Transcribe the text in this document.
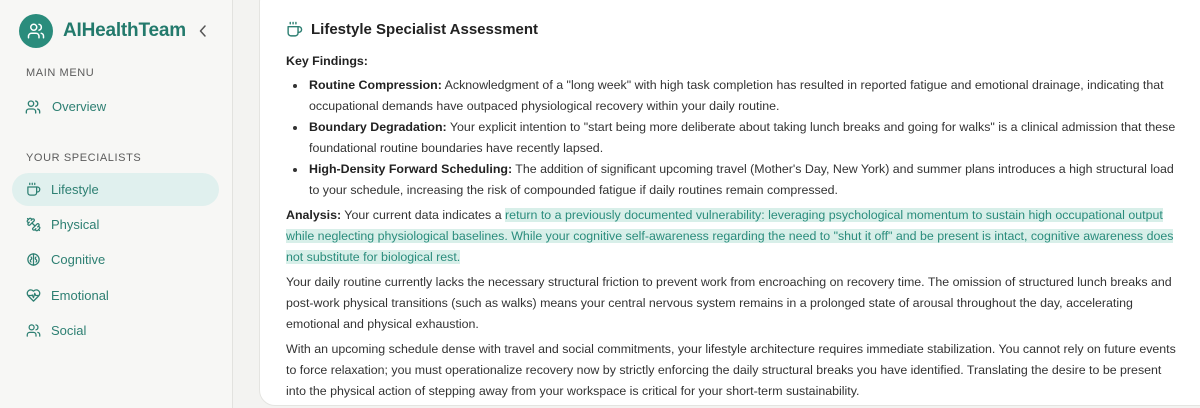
AIHealthTeam
MAIN MENU
Overview
YOUR SPECIALISTS
Lifestyle
Physical
Cognitive
Emotional
Social
Lifestyle Specialist Assessment
Key Findings:
Routine Compression: Acknowledgment of a "long week" with high task completion has resulted in reported fatigue and emotional drainage, indicating that occupational demands have outpaced physiological recovery within your daily routine.
Boundary Degradation: Your explicit intention to "start being more deliberate about taking lunch breaks and going for walks" is a clinical admission that these foundational routine boundaries have recently lapsed.
High-Density Forward Scheduling: The addition of significant upcoming travel (Mother's Day, New York) and summer plans introduces a high structural load to your schedule, increasing the risk of compounded fatigue if daily routines remain compressed.

Analysis: Your current data indicates a return to a previously documented vulnerability: leveraging psychological momentum to sustain high occupational output while neglecting physiological baselines. While your cognitive self-awareness regarding the need to "shut it off" and be present is intact, cognitive awareness does not substitute for biological rest.

Your daily routine currently lacks the necessary structural friction to prevent work from encroaching on recovery time. The omission of structured lunch breaks and post-work physical transitions (such as walks) means your central nervous system remains in a prolonged state of arousal throughout the day, accelerating emotional and physical exhaustion.

With an upcoming schedule dense with travel and social commitments, your lifestyle architecture requires immediate stabilization. You cannot rely on future events to force relaxation; you must operationalize recovery now by strictly enforcing the daily structural breaks you have identified. Translating the desire to be present into the physical action of stepping away from your workspace is critical for your short-term sustainability.
